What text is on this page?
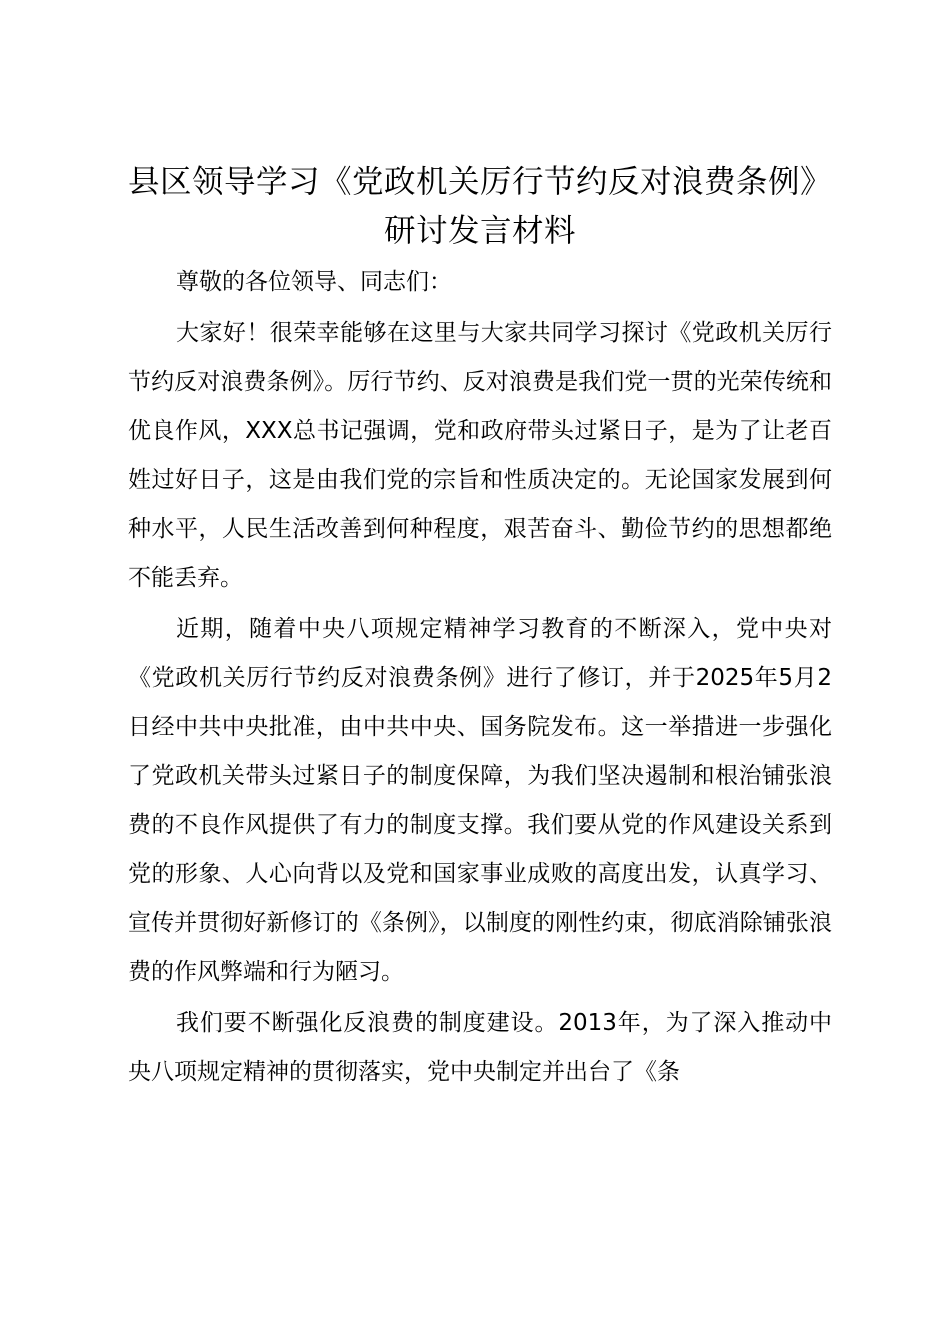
县区领导学习《党政机关厉行节约反对浪费条例》研讨发言材料

尊敬的各位领导、同志们：

大家好！很荣幸能够在这里与大家共同学习探讨《党政机关厉行节约反对浪费条例》。厉行节约、反对浪费是我们党一贯的光荣传统和优良作风，XXX总书记强调，党和政府带头过紧日子，是为了让老百姓过好日子，这是由我们党的宗旨和性质决定的。无论国家发展到何种水平，人民生活改善到何种程度，艰苦奋斗、勤俭节约的思想都绝不能丢弃。

近期，随着中央八项规定精神学习教育的不断深入，党中央对《党政机关厉行节约反对浪费条例》进行了修订，并于2025年5月2日经中共中央批准，由中共中央、国务院发布。这一举措进一步强化了党政机关带头过紧日子的制度保障，为我们坚决遏制和根治铺张浪费的不良作风提供了有力的制度支撑。我们要从党的作风建设关系到党的形象、人心向背以及党和国家事业成败的高度出发，认真学习、宣传并贯彻好新修订的《条例》，以制度的刚性约束，彻底消除铺张浪费的作风弊端和行为陋习。

我们要不断强化反浪费的制度建设。2013年，为了深入推动中央八项规定精神的贯彻落实，党中央制定并出台了《条
